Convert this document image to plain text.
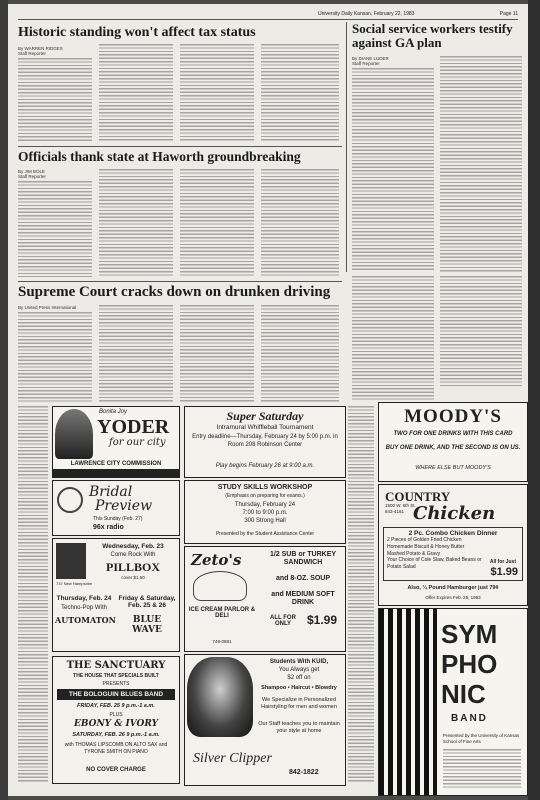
University Daily Kansan, February 22, 1983	Page 11
Historic standing won't affect tax status
By WARREN RIDGES
Staff Reporter
Social service workers testify against GA plan
By DIANE LUDER
Staff Reporter
Officials thank state at Haworth groundbreaking
By JIM BOLE
Staff Reporter
Supreme Court cracks down on drunken driving
By United Press International
Bonita Joy
YODER
for our city
LAWRENCE CITY COMMISSION
Super Saturday
Intramural Whiffleball Tournament
Entry deadline—Thursday, February 24 by 5:00 p.m. in Room 208 Robinson Center
Play begins February 26 at 9:00 a.m.
MOODY'S
TWO FOR ONE DRINKS WITH THIS CARD
BUY ONE DRINK, AND THE SECOND IS ON US.
WHERE ELSE BUT MOODY'S
Bridal
Preview
This Sunday (Feb. 27)
96x radio
STUDY SKILLS WORKSHOP
(Emphasis on preparing for exams.)
Thursday, February 24
7:00 to 9:00 p.m.
300 Strong Hall
Presented by the Student Assistance Center
COUNTRY
Chicken
1500 W. 6th St.
843-4161
2 Pc. Combo Chicken Dinner
2 Pieces of Golden Fried Chicken
Homemade Biscuit & Honey Butter
Mashed Potato & Gravy
Your Choice of Cole Slaw, Baked Beans or Potato Salad	$1.99
All for Just
Also, ¼ Pound Hamburger just 79¢
Offer Expires Feb. 25, 1983
737 New Hampshire
Wednesday, Feb. 23
Come Rock With
PILLBOX
cover $1.50
Thursday, Feb. 24
Techno-Pop With
AUTOMATON
Friday & Saturday, Feb. 25 & 26
BLUE WAVE
Zeto's
ICE CREAM PARLOR & DELI
749-0881
1/2 SUB or TURKEY SANDWICH
and 8-OZ. SOUP
and MEDIUM SOFT DRINK
ALL FOR ONLY	$1.99	SYM
PHO
NIC
BAND
Presented by the University of Kansas School of Fine Arts
THE SANCTUARY
THE HOUSE THAT SPECIALS BUILT
PRESENTS
THE BOLOGUIN BLUES BAND
FRIDAY, FEB. 25 9 p.m.-1 a.m.
PLUS
EBONY & IVORY
SATURDAY, FEB. 26 9 p.m.-1 a.m.
with THOMAS LIPSCOMB ON ALTO SAX and TYRONE SMITH ON PIANO
NO COVER CHARGE
Students With KUID,
You Always get
$2 off on
Shampoo • Haircut • Blowdry
We Specialize in Personalized Hairstyling for men and women
Our Staff teaches you to maintain your style at home
Silver Clipper
842-1822
